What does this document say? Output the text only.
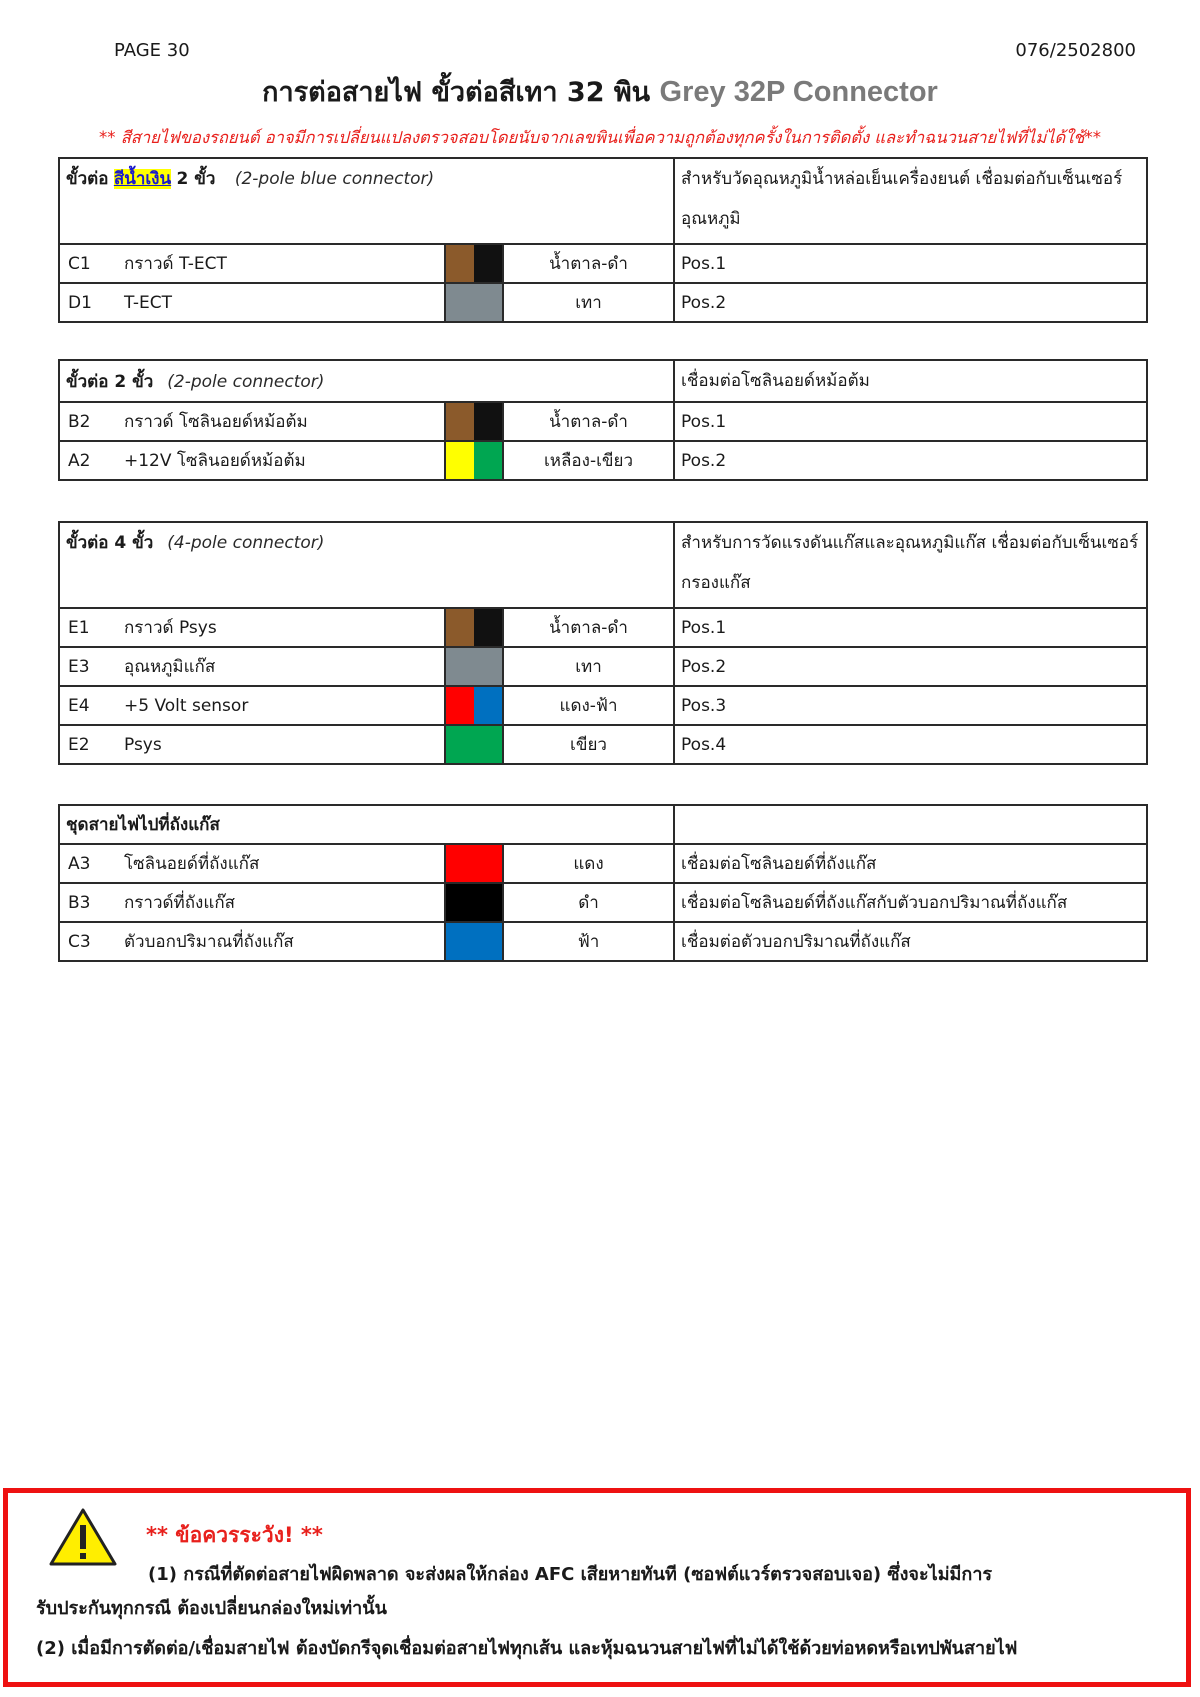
PAGE 30	076/2502800
การต่อสายไฟ ขั้วต่อสีเทา 32 พิน Grey 32P Connector
** สีสายไฟของรถยนต์ อาจมีการเปลี่ยนแปลงตรวจสอบโดยนับจากเลขพินเพื่อความถูกต้องทุกครั้งในการติดตั้ง และทำฉนวนสายไฟที่ไม่ได้ใช้**
ขั้วต่อ สีน้ำเงิน 2 ขั้ว (2-pole blue connector)			สำหรับวัดอุณหภูมิน้ำหล่อเย็นเครื่องยนต์ เชื่อมต่อกับเซ็นเซอร์อุณหภูมิ
C1 กราวด์ T-ECT		น้ำตาล-ดำ	Pos.1
D1 T-ECT		เทา	Pos.2
ขั้วต่อ 2 ขั้ว (2-pole connector)			เชื่อมต่อโซลินอยด์หม้อต้ม
B2 กราวด์ โซลินอยด์หม้อต้ม		น้ำตาล-ดำ	Pos.1
A2 +12V โซลินอยด์หม้อต้ม		เหลือง-เขียว	Pos.2
ขั้วต่อ 4 ขั้ว (4-pole connector)			สำหรับการวัดแรงดันแก๊สและอุณหภูมิแก๊ส เชื่อมต่อกับเซ็นเซอร์กรองแก๊ส
E1 กราวด์ Psys		น้ำตาล-ดำ	Pos.1
E3 อุณหภูมิแก๊ส		เทา	Pos.2
E4 +5 Volt sensor		แดง-ฟ้า	Pos.3
E2 Psys		เขียว	Pos.4
ชุดสายไฟไปที่ถังแก๊ส			
A3 โซลินอยด์ที่ถังแก๊ส		แดง	เชื่อมต่อโซลินอยด์ที่ถังแก๊ส
B3 กราวด์ที่ถังแก๊ส		ดำ	เชื่อมต่อโซลินอยด์ที่ถังแก๊สกับตัวบอกปริมาณที่ถังแก๊ส
C3 ตัวบอกปริมาณที่ถังแก๊ส		ฟ้า	เชื่อมต่อตัวบอกปริมาณที่ถังแก๊ส
** ข้อควรระวัง! **
(1) กรณีที่ตัดต่อสายไฟผิดพลาด จะส่งผลให้กล่อง AFC เสียหายทันที (ซอฟต์แวร์ตรวจสอบเจอ) ซึ่งจะไม่มีการ
รับประกันทุกกรณี ต้องเปลี่ยนกล่องใหม่เท่านั้น
(2) เมื่อมีการตัดต่อ/เชื่อมสายไฟ ต้องบัดกรีจุดเชื่อมต่อสายไฟทุกเส้น และหุ้มฉนวนสายไฟที่ไม่ได้ใช้ด้วยท่อหดหรือเทปพันสายไฟ
